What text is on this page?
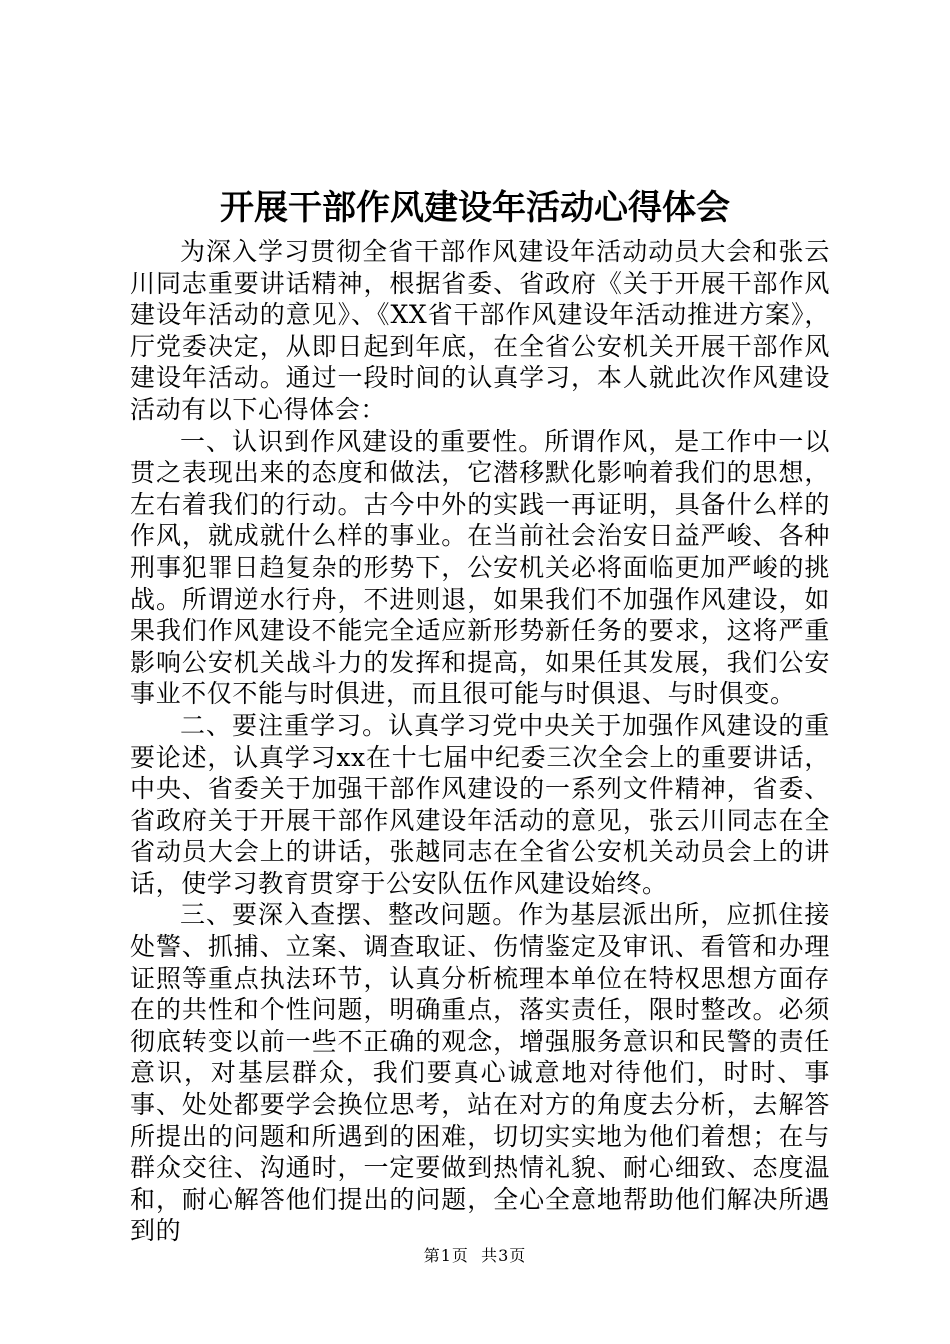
开展干部作风建设年活动心得体会

为深入学习贯彻全省干部作风建设年活动动员大会和张云川同志重要讲话精神，根据省委、省政府《关于开展干部作风建设年活动的意见》、《XX省干部作风建设年活动推进方案》，厅党委决定，从即日起到年底，在全省公安机关开展干部作风建设年活动。通过一段时间的认真学习，本人就此次作风建设活动有以下心得体会：

一、认识到作风建设的重要性。所谓作风，是工作中一以贯之表现出来的态度和做法，它潜移默化影响着我们的思想，左右着我们的行动。古今中外的实践一再证明，具备什么样的作风，就成就什么样的事业。在当前社会治安日益严峻、各种刑事犯罪日趋复杂的形势下，公安机关必将面临更加严峻的挑战。所谓逆水行舟，不进则退，如果我们不加强作风建设，如果我们作风建设不能完全适应新形势新任务的要求，这将严重影响公安机关战斗力的发挥和提高，如果任其发展，我们公安事业不仅不能与时俱进，而且很可能与时俱退、与时俱变。

二、要注重学习。认真学习党中央关于加强作风建设的重要论述，认真学习xx在十七届中纪委三次全会上的重要讲话，中央、省委关于加强干部作风建设的一系列文件精神，省委、省政府关于开展干部作风建设年活动的意见，张云川同志在全省动员大会上的讲话，张越同志在全省公安机关动员会上的讲话，使学习教育贯穿于公安队伍作风建设始终。

三、要深入查摆、整改问题。作为基层派出所，应抓住接处警、抓捕、立案、调查取证、伤情鉴定及审讯、看管和办理证照等重点执法环节，认真分析梳理本单位在特权思想方面存在的共性和个性问题，明确重点，落实责任，限时整改。必须彻底转变以前一些不正确的观念，增强服务意识和民警的责任意识，对基层群众，我们要真心诚意地对待他们，时时、事事、处处都要学会换位思考，站在对方的角度去分析，去解答所提出的问题和所遇到的困难，切切实实地为他们着想；在与群众交往、沟通时，一定要做到热情礼貌、耐心细致、态度温和，耐心解答他们提出的问题，全心全意地帮助他们解决所遇到的

第1页 共3页
